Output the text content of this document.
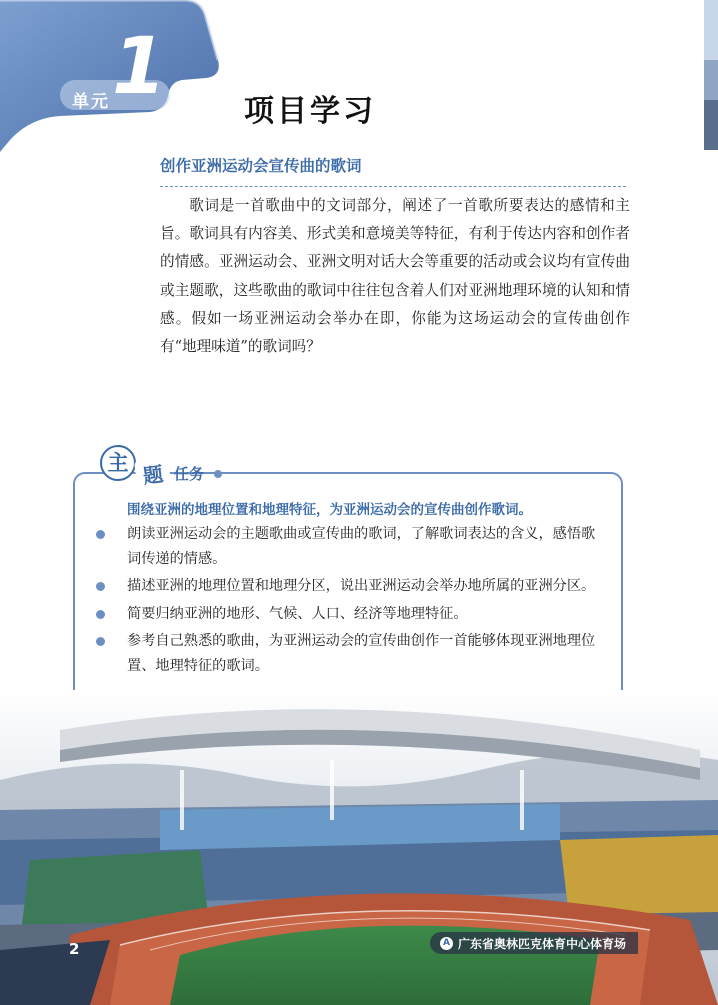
单元 1	项目学习
创作亚洲运动会宣传曲的歌词

歌词是一首歌曲中的文词部分，阐述了一首歌所要表达的感情和主旨。歌词具有内容美、形式美和意境美等特征，有利于传达内容和创作者的情感。亚洲运动会、亚洲文明对话大会等重要的活动或会议均有宣传曲或主题歌，这些歌曲的歌词中往往包含着人们对亚洲地理环境的认知和情感。假如一场亚洲运动会举办在即，你能为这场运动会的宣传曲创作有“地理味道”的歌词吗？

主 题 任务
围绕亚洲的地理位置和地理特征，为亚洲运动会的宣传曲创作歌词。
朗读亚洲运动会的主题歌曲或宣传曲的歌词，了解歌词表达的含义，感悟歌词传递的情感。
描述亚洲的地理位置和地理分区，说出亚洲运动会举办地所属的亚洲分区。
简要归纳亚洲的地形、气候、人口、经济等地理特征。
参考自己熟悉的歌曲，为亚洲运动会的宣传曲创作一首能够体现亚洲地理位置、地理特征的歌词。
2	A 广东省奥林匹克体育中心体育场
